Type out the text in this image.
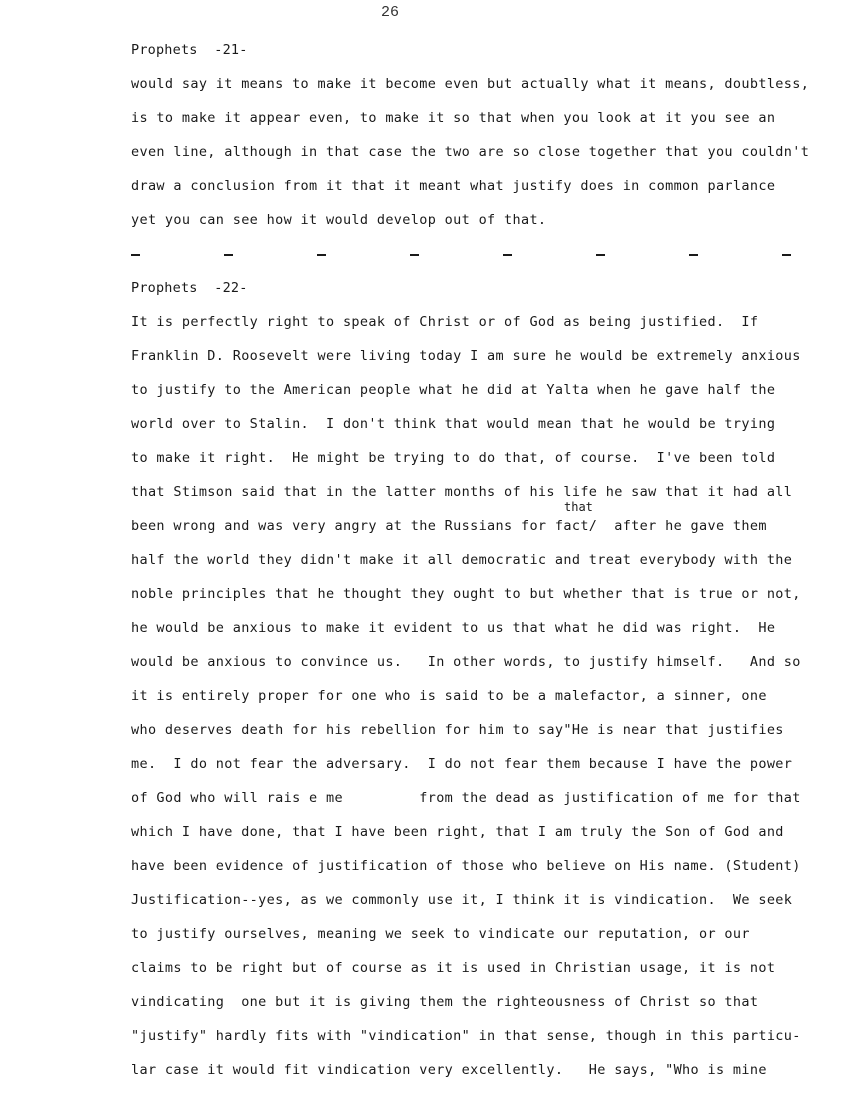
26
Prophets  -21-
would say it means to make it become even but actually what it means, doubtless,
is to make it appear even, to make it so that when you look at it you see an
even line, although in that case the two are so close together that you couldn't
draw a conclusion from it that it meant what justify does in common parlance
yet you can see how it would develop out of that.
Prophets  -22-
It is perfectly right to speak of Christ or of God as being justified.  If
Franklin D. Roosevelt were living today I am sure he would be extremely anxious
to justify to the American people what he did at Yalta when he gave half the
world over to Stalin.  I don't think that would mean that he would be trying
to make it right.  He might be trying to do that, of course.  I've been told
that Stimson said that in the latter months of his life he saw that it had all
that
been wrong and was very angry at the Russians for fact/  after he gave them
half the world they didn't make it all democratic and treat everybody with the
noble principles that he thought they ought to but whether that is true or not,
he would be anxious to make it evident to us that what he did was right.  He
would be anxious to convince us.   In other words, to justify himself.   And so
it is entirely proper for one who is said to be a malefactor, a sinner, one
who deserves death for his rebellion for him to say"He is near that justifies
me.  I do not fear the adversary.  I do not fear them because I have the power
of God who will rais e me         from the dead as justification of me for that
which I have done, that I have been right, that I am truly the Son of God and
have been evidence of justification of those who believe on His name. (Student)
Justification--yes, as we commonly use it, I think it is vindication.  We seek
to justify ourselves, meaning we seek to vindicate our reputation, or our
claims to be right but of course as it is used in Christian usage, it is not
vindicating  one but it is giving them the righteousness of Christ so that
"justify" hardly fits with "vindication" in that sense, though in this particu-
lar case it would fit vindication very excellently.   He says, "Who is mine
